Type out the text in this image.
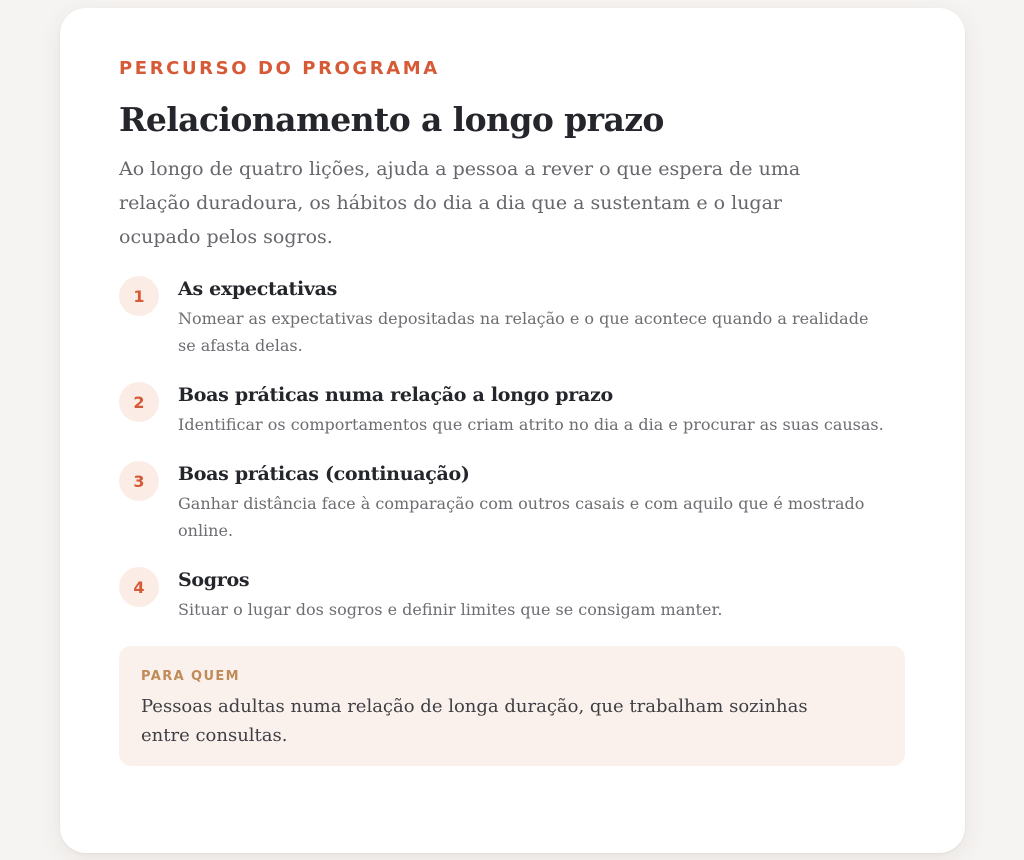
PERCURSO DO PROGRAMA

Relacionamento a longo prazo

Ao longo de quatro lições, ajuda a pessoa a rever o que espera de uma relação duradoura, os hábitos do dia a dia que a sustentam e o lugar ocupado pelos sogros.

1	As expectativas
Nomear as expectativas depositadas na relação e o que acontece quando a realidade se afasta delas.
2	Boas práticas numa relação a longo prazo
Identificar os comportamentos que criam atrito no dia a dia e procurar as suas causas.
3	Boas práticas (continuação)
Ganhar distância face à comparação com outros casais e com aquilo que é mostrado online.
4	Sogros
Situar o lugar dos sogros e definir limites que se consigam manter.
PARA QUEM
Pessoas adultas numa relação de longa duração, que trabalham sozinhas entre consultas.
